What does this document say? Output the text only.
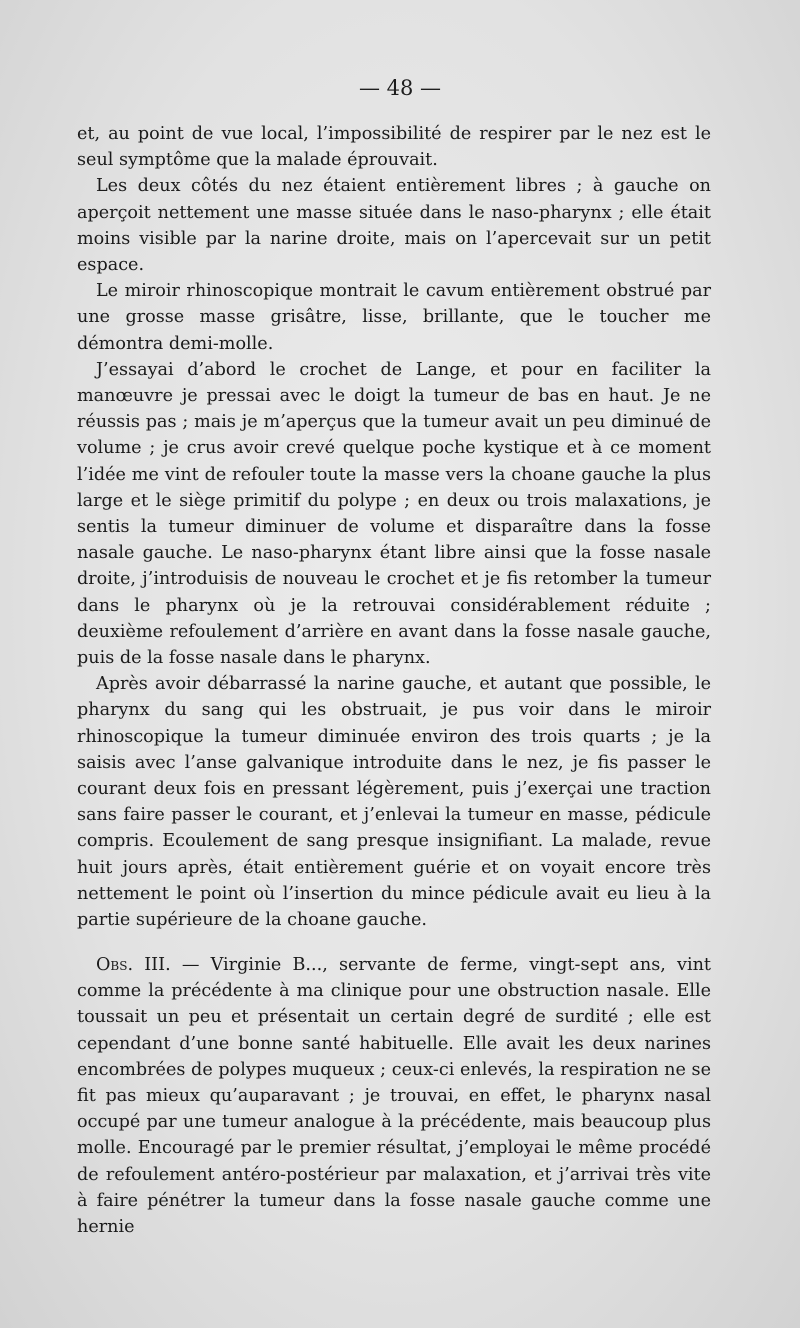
— 48 —

et, au point de vue local, l’impossibilité de respirer par le nez est le seul symptôme que la malade éprouvait.

Les deux côtés du nez étaient entièrement libres ; à gauche on aperçoit nettement une masse située dans le naso-pharynx ; elle était moins visible par la narine droite, mais on l’apercevait sur un petit espace.

Le miroir rhinoscopique montrait le cavum entièrement obstrué par une grosse masse grisâtre, lisse, brillante, que le toucher me démontra demi-molle.

J’essayai d’abord le crochet de Lange, et pour en faciliter la manœuvre je pressai avec le doigt la tumeur de bas en haut. Je ne réussis pas ; mais je m’aperçus que la tumeur avait un peu diminué de volume ; je crus avoir crevé quelque poche kystique et à ce moment l’idée me vint de refouler toute la masse vers la choane gauche la plus large et le siège primitif du polype ; en deux ou trois malaxations, je sentis la tumeur diminuer de volume et disparaître dans la fosse nasale gauche. Le naso-pharynx étant libre ainsi que la fosse nasale droite, j’introduisis de nouveau le crochet et je fis retomber la tumeur dans le pharynx où je la retrouvai considérablement réduite ; deuxième refoulement d’arrière en avant dans la fosse nasale gauche, puis de la fosse nasale dans le pharynx.

Après avoir débarrassé la narine gauche, et autant que possible, le pharynx du sang qui les obstruait, je pus voir dans le miroir rhinoscopique la tumeur diminuée environ des trois quarts ; je la saisis avec l’anse galvanique introduite dans le nez, je fis passer le courant deux fois en pressant légèrement, puis j’exerçai une traction sans faire passer le courant, et j’enlevai la tumeur en masse, pédicule compris. Ecoulement de sang presque insignifiant. La malade, revue huit jours après, était entièrement guérie et on voyait encore très nettement le point où l’insertion du mince pédicule avait eu lieu à la partie supérieure de la choane gauche.

Obs. III. — Virginie B..., servante de ferme, vingt-sept ans, vint comme la précédente à ma clinique pour une obstruction nasale. Elle toussait un peu et présentait un certain degré de surdité ; elle est cependant d’une bonne santé habituelle. Elle avait les deux narines encombrées de polypes muqueux ; ceux-ci enlevés, la respiration ne se fit pas mieux qu’auparavant ; je trouvai, en effet, le pharynx nasal occupé par une tumeur analogue à la précédente, mais beaucoup plus molle. Encouragé par le premier résultat, j’employai le même procédé de refoulement antéro-postérieur par malaxation, et j’arrivai très vite à faire pénétrer la tumeur dans la fosse nasale gauche comme une hernie
